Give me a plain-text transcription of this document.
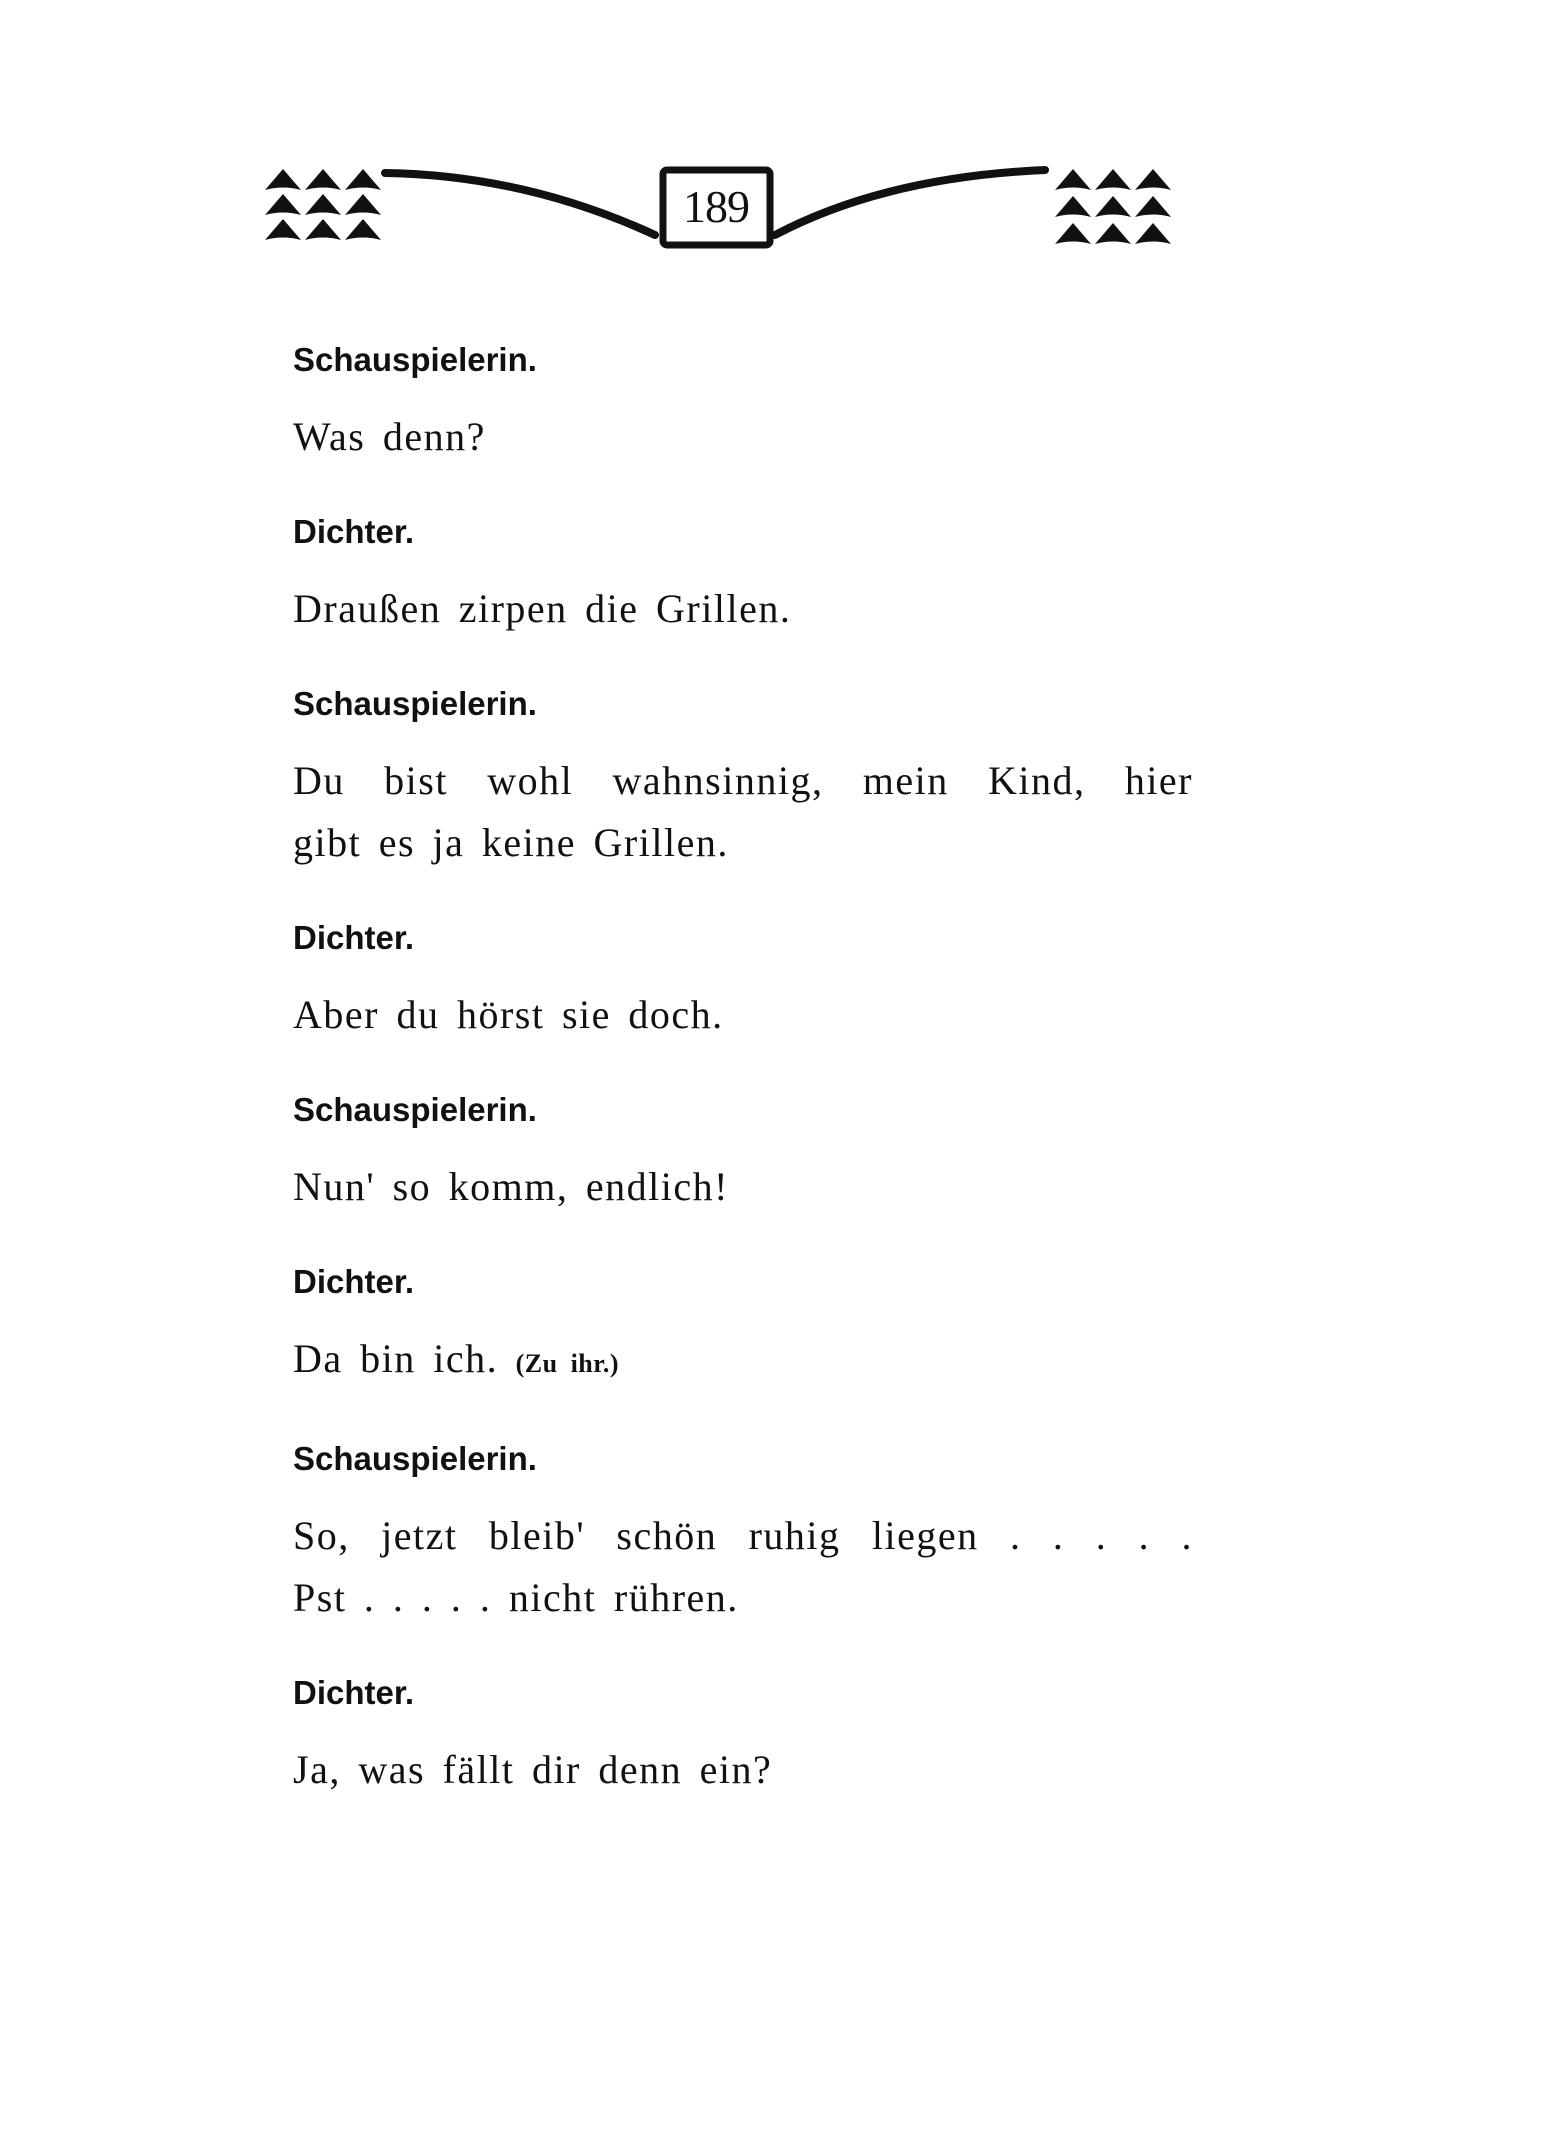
189
Schauspielerin.
Was denn?
Dichter.
Draußen zirpen die Grillen.
Schauspielerin.
Du bist wohl wahnsinnig, mein Kind, hier
gibt es ja keine Grillen.
Dichter.
Aber du hörst sie doch.
Schauspielerin.
Nun' so komm, endlich!
Dichter.
Da bin ich. (Zu ihr.)
Schauspielerin.
So, jetzt bleib' schön ruhig liegen . . . . .
Pst . . . . . nicht rühren.
Dichter.
Ja, was fällt dir denn ein?
